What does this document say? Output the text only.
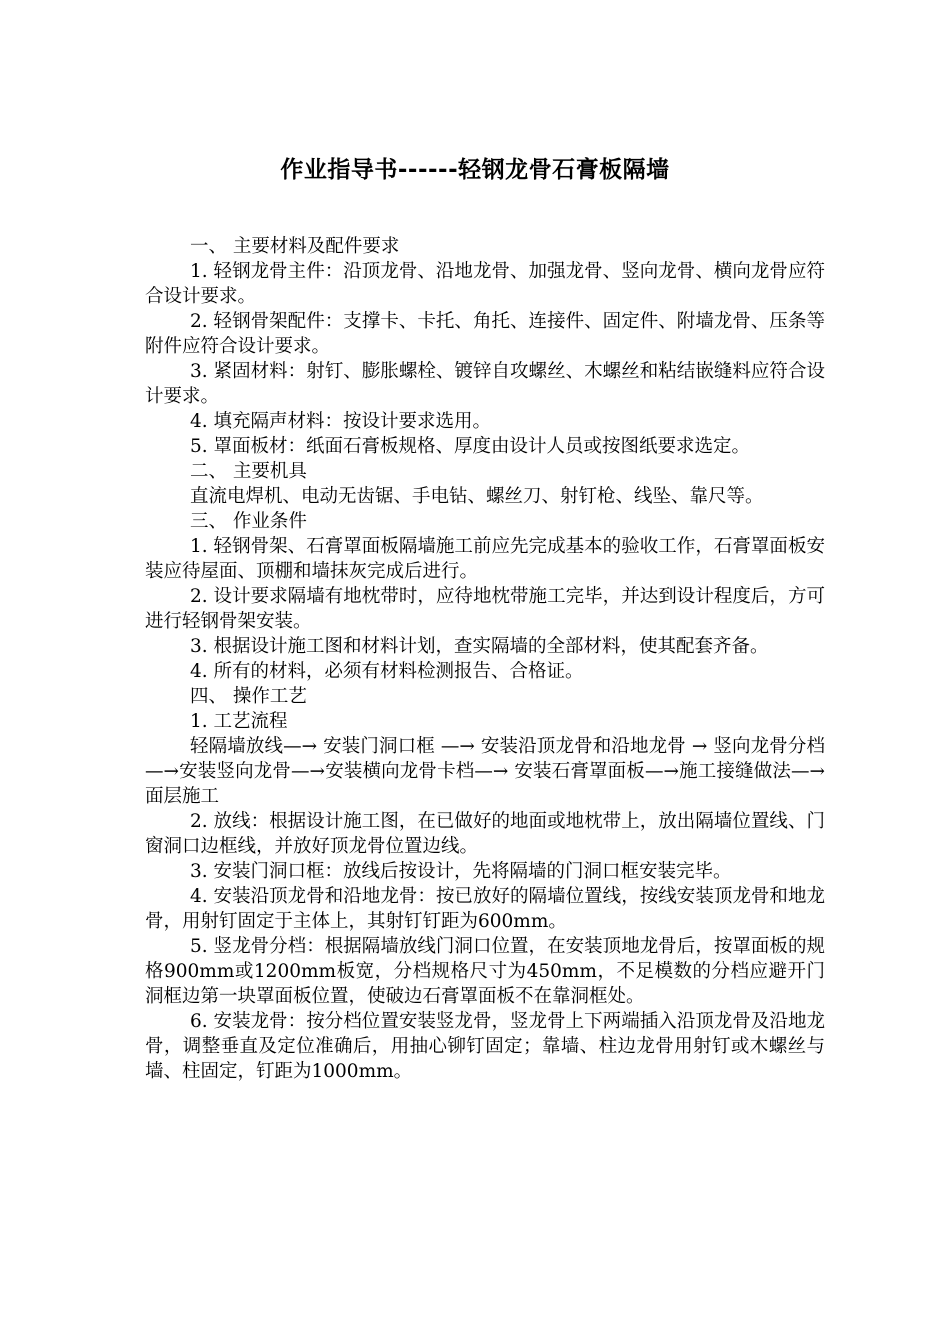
作业指导书------轻钢龙骨石膏板隔墙

一、 主要材料及配件要求

1. 轻钢龙骨主件：沿顶龙骨、沿地龙骨、加强龙骨、竖向龙骨、横向龙骨应符合设计要求。

2. 轻钢骨架配件：支撑卡、卡托、角托、连接件、固定件、附墙龙骨、压条等附件应符合设计要求。

3. 紧固材料：射钉、膨胀螺栓、镀锌自攻螺丝、木螺丝和粘结嵌缝料应符合设计要求。

4. 填充隔声材料：按设计要求选用。

5. 罩面板材：纸面石膏板规格、厚度由设计人员或按图纸要求选定。

二、 主要机具

直流电焊机、电动无齿锯、手电钻、螺丝刀、射钉枪、线坠、靠尺等。

三、 作业条件

1. 轻钢骨架、石膏罩面板隔墙施工前应先完成基本的验收工作，石膏罩面板安装应待屋面、顶棚和墙抹灰完成后进行。

2. 设计要求隔墙有地枕带时，应待地枕带施工完毕，并达到设计程度后，方可进行轻钢骨架安装。

3. 根据设计施工图和材料计划，查实隔墙的全部材料，使其配套齐备。

4. 所有的材料，必须有材料检测报告、合格证。

四、 操作工艺

1. 工艺流程

轻隔墙放线—→ 安装门洞口框 —→ 安装沿顶龙骨和沿地龙骨 → 竖向龙骨分档 —→安装竖向龙骨—→安装横向龙骨卡档—→ 安装石膏罩面板—→施工接缝做法—→面层施工

2. 放线：根据设计施工图，在已做好的地面或地枕带上，放出隔墙位置线、门窗洞口边框线，并放好顶龙骨位置边线。

3. 安装门洞口框：放线后按设计，先将隔墙的门洞口框安装完毕。

4. 安装沿顶龙骨和沿地龙骨：按已放好的隔墙位置线，按线安装顶龙骨和地龙骨，用射钉固定于主体上，其射钉钉距为600mm。

5. 竖龙骨分档：根据隔墙放线门洞口位置，在安装顶地龙骨后，按罩面板的规格900mm或1200mm板宽，分档规格尺寸为450mm，不足模数的分档应避开门洞框边第一块罩面板位置，使破边石膏罩面板不在靠洞框处。

6. 安装龙骨：按分档位置安装竖龙骨，竖龙骨上下两端插入沿顶龙骨及沿地龙骨，调整垂直及定位准确后，用抽心铆钉固定；靠墙、柱边龙骨用射钉或木螺丝与墙、柱固定，钉距为1000mm。
